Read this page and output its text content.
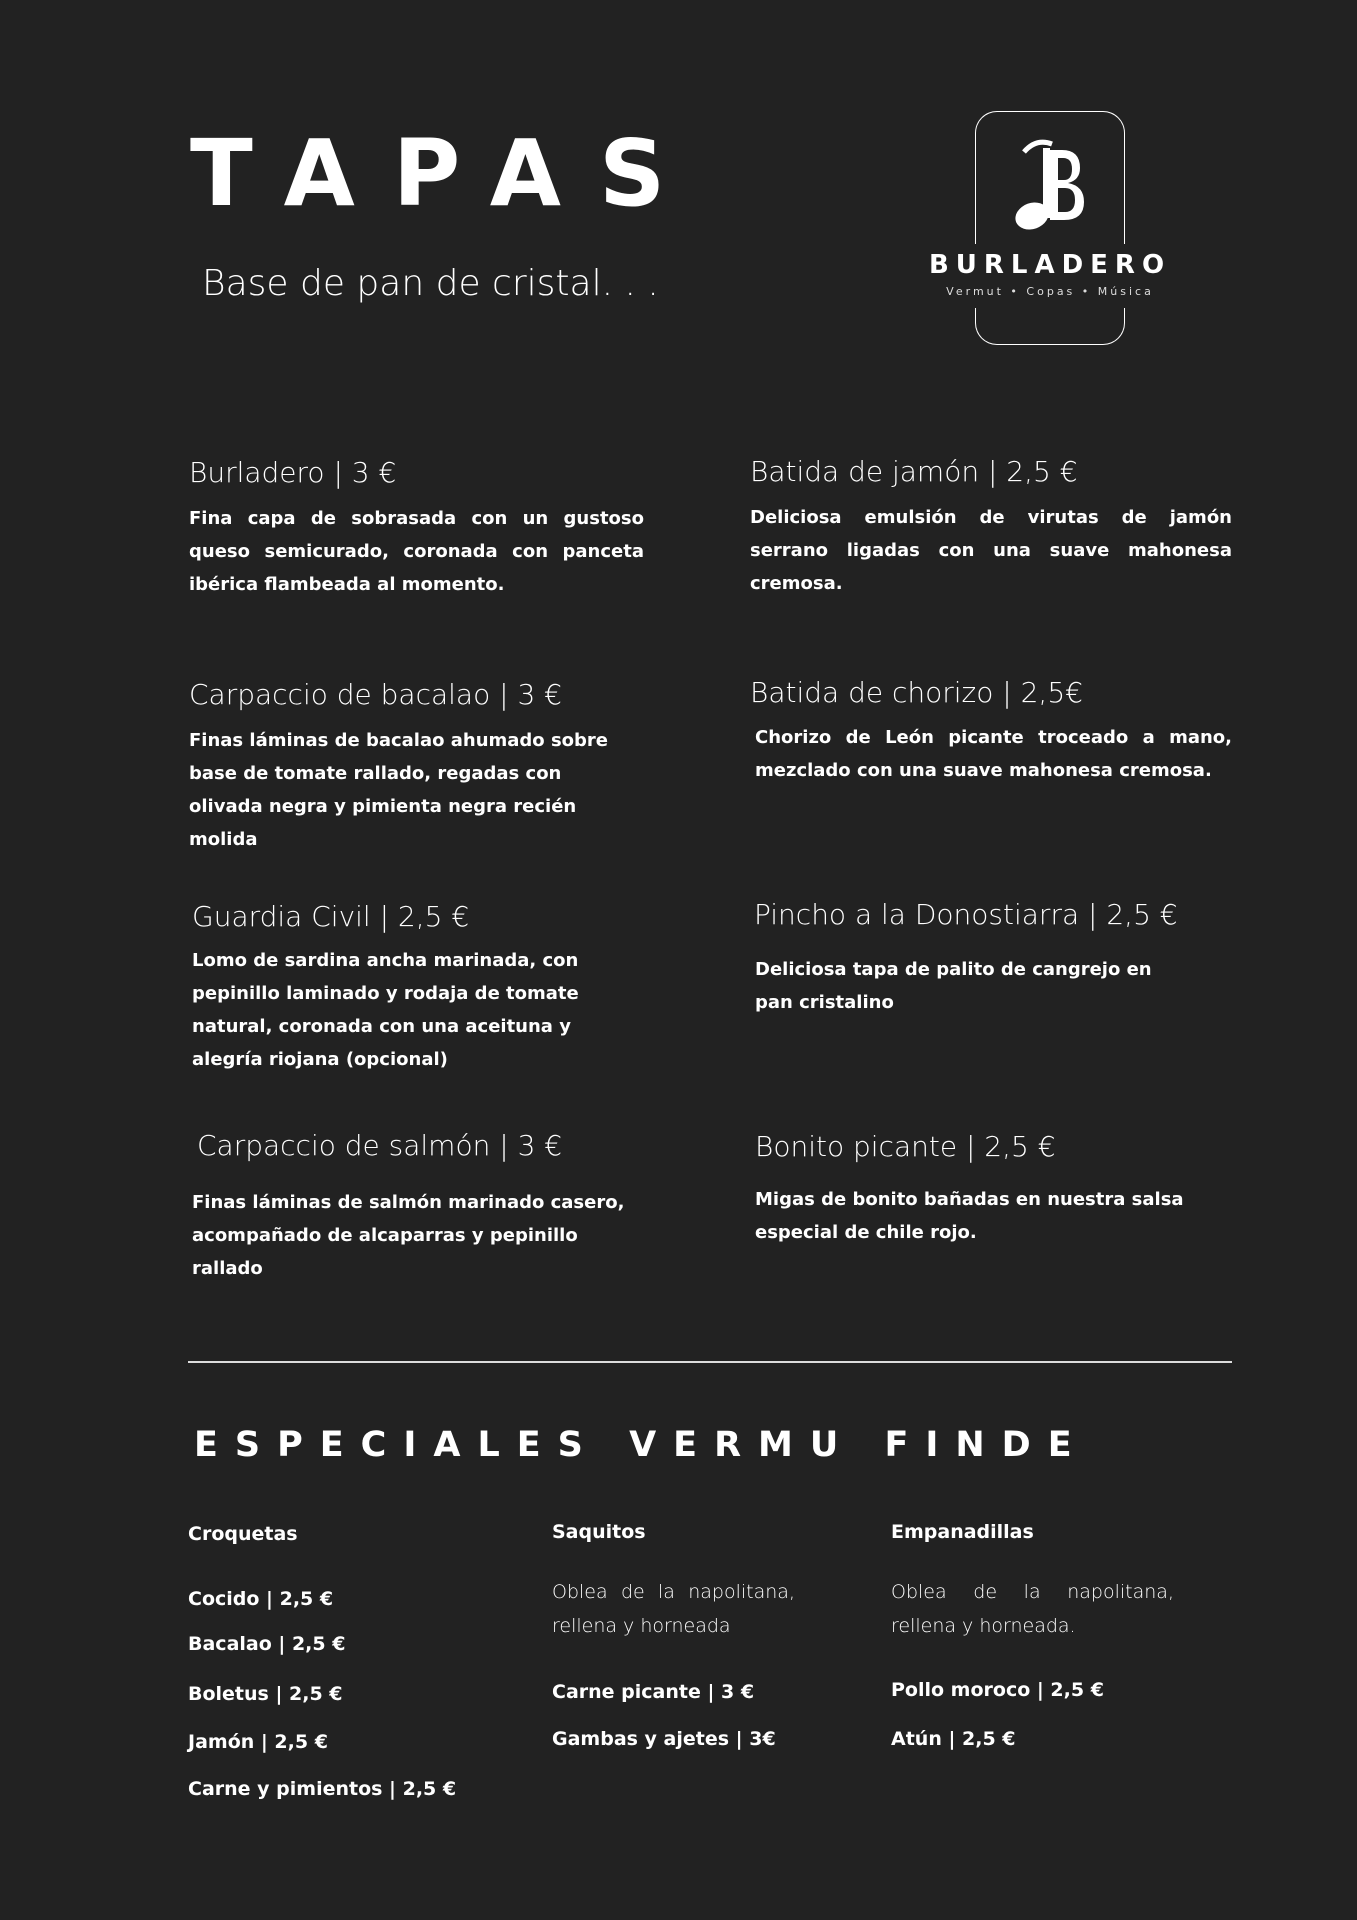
TAPAS
Base de pan de cristal. . .	BURLADERO
Vermut • Copas • Música
Burladero | 3 €
Fina capa de sobrasada con un gustoso queso semicurado, coronada con panceta ibérica flambeada al momento.
Carpaccio de bacalao | 3 €
Finas láminas de bacalao ahumado sobre base de tomate rallado, regadas con olivada negra y pimienta negra recién molida
Guardia Civil | 2,5 €
Lomo de sardina ancha marinada, con pepinillo laminado y rodaja de tomate natural, coronada con una aceituna y alegría riojana (opcional)
Carpaccio de salmón | 3 €
Finas láminas de salmón marinado casero, acompañado de alcaparras y pepinillo rallado
Batida de jamón | 2,5 €
Deliciosa emulsión de virutas de jamón serrano ligadas con una suave mahonesa cremosa.
Batida de chorizo | 2,5€
Chorizo de León picante troceado a mano, mezclado con una suave mahonesa cremosa.
Pincho a la Donostiarra | 2,5 €
Deliciosa tapa de palito de cangrejo en pan cristalino
Bonito picante | 2,5 €
Migas de bonito bañadas en nuestra salsa especial de chile rojo.
ESPECIALES VERMU FINDE
Croquetas
Cocido | 2,5 €
Bacalao | 2,5 €
Boletus | 2,5 €
Jamón | 2,5 €
Carne y pimientos | 2,5 €
Saquitos
Oblea de la napolitana, rellena y horneada
Carne picante | 3 €
Gambas y ajetes | 3€
Empanadillas
Oblea de la napolitana, rellena y horneada.
Pollo moroco | 2,5 €
Atún | 2,5 €
